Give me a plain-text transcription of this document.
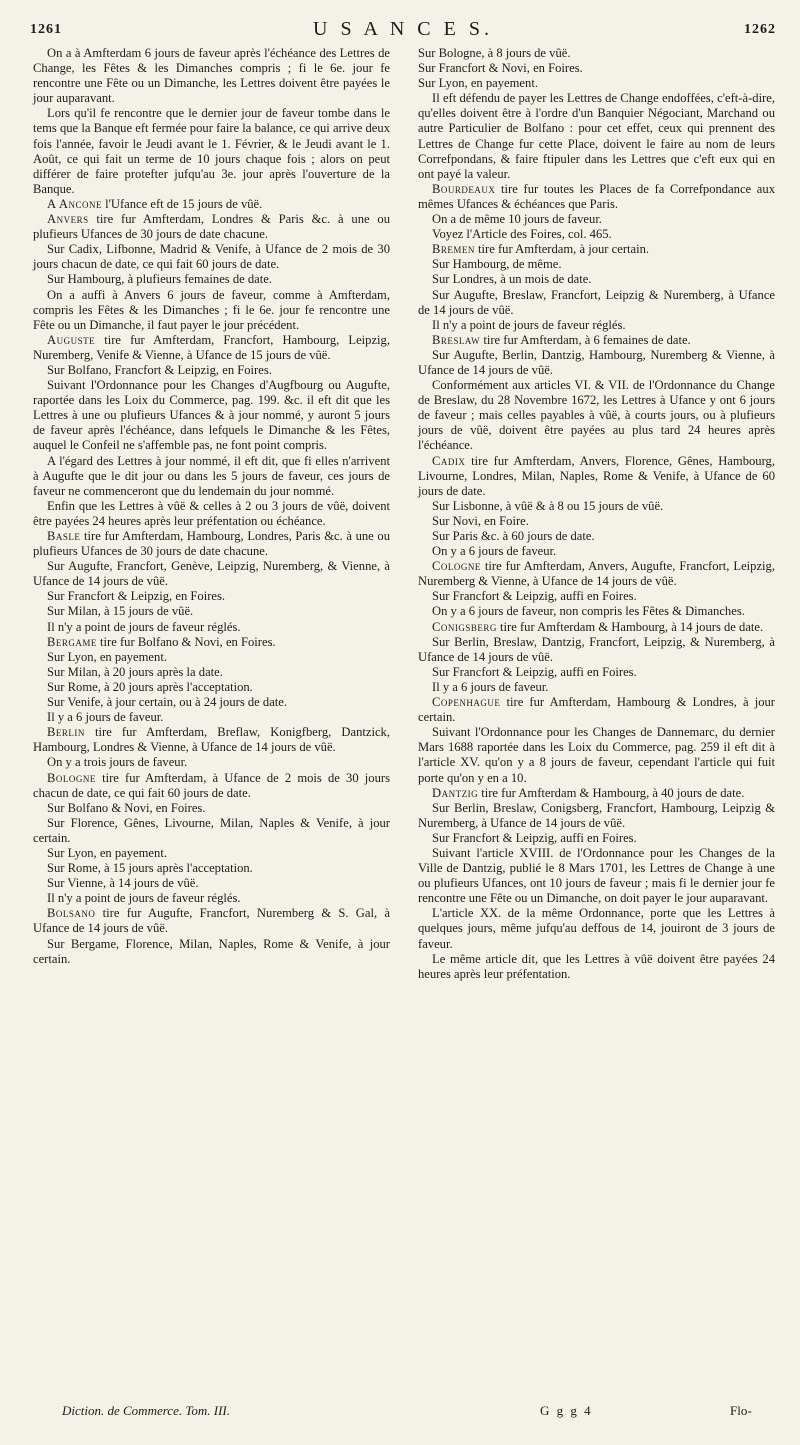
1261	U S A N C E S.	1262

On a à Amfterdam 6 jours de faveur après l'échéance des Lettres de Change, les Fêtes & les Dimanches compris ; fi le 6e. jour fe rencontre une Fête ou un Dimanche, les Lettres doivent être payées le jour auparavant.

Lors qu'il fe rencontre que le dernier jour de faveur tombe dans le tems que la Banque eft fermée pour faire la balance, ce qui arrive deux fois l'année, favoir le Jeudi avant le 1. Février, & le Jeudi avant le 1. Août, ce qui fait un terme de 10 jours chaque fois ; alors on peut différer de faire protefter jufqu'au 3e. jour après l'ouverture de la Banque.

A Ancone l'Ufance eft de 15 jours de vûë.

Anvers tire fur Amfterdam, Londres & Paris &c. à une ou plufieurs Ufances de 30 jours de date chacune.

Sur Cadix, Lifbonne, Madrid & Venife, à Ufance de 2 mois de 30 jours chacun de date, ce qui fait 60 jours de date.

Sur Hambourg, à plufieurs femaines de date.

On a auffi à Anvers 6 jours de faveur, comme à Amfterdam, compris les Fêtes & les Dimanches ; fi le 6e. jour fe rencontre une Fête ou un Dimanche, il faut payer le jour précédent.

Auguste tire fur Amfterdam, Francfort, Hambourg, Leipzig, Nuremberg, Venife & Vienne, à Ufance de 15 jours de vûë.

Sur Bolfano, Francfort & Leipzig, en Foires.

Suivant l'Ordonnance pour les Changes d'Augfbourg ou Augufte, raportée dans les Loix du Commerce, pag. 199. &c. il eft dit que les Lettres à une ou plufieurs Ufances & à jour nommé, y auront 5 jours de faveur après l'échéance, dans lefquels le Dimanche & les Fêtes, auquel le Confeil ne s'affemble pas, ne font point compris.

A l'égard des Lettres à jour nommé, il eft dit, que fi elles n'arrivent à Augufte que le dit jour ou dans les 5 jours de faveur, ces jours de faveur ne commenceront que du lendemain du jour nommé.

Enfin que les Lettres à vûë & celles à 2 ou 3 jours de vûë, doivent être payées 24 heures après leur préfentation ou échéance.

Basle tire fur Amfterdam, Hambourg, Londres, Paris &c. à une ou plufieurs Ufances de 30 jours de date chacune.

Sur Augufte, Francfort, Genève, Leipzig, Nuremberg, & Vienne, à Ufance de 14 jours de vûë.

Sur Francfort & Leipzig, en Foires.

Sur Milan, à 15 jours de vûë.

Il n'y a point de jours de faveur réglés.

Bergame tire fur Bolfano & Novi, en Foires.

Sur Lyon, en payement.

Sur Milan, à 20 jours après la date.

Sur Rome, à 20 jours après l'acceptation.

Sur Venife, à jour certain, ou à 24 jours de date.

Il y a 6 jours de faveur.

Berlin tire fur Amfterdam, Breflaw, Konigfberg, Dantzick, Hambourg, Londres & Vienne, à Ufance de 14 jours de vûë.

On y a trois jours de faveur.

Bologne tire fur Amfterdam, à Ufance de 2 mois de 30 jours chacun de date, ce qui fait 60 jours de date.

Sur Bolfano & Novi, en Foires.

Sur Florence, Gênes, Livourne, Milan, Naples & Venife, à jour certain.

Sur Lyon, en payement.

Sur Rome, à 15 jours après l'acceptation.

Sur Vienne, à 14 jours de vûë.

Il n'y a point de jours de faveur réglés.

Bolsano tire fur Augufte, Francfort, Nuremberg & S. Gal, à Ufance de 14 jours de vûë.

Sur Bergame, Florence, Milan, Naples, Rome & Venife, à jour certain.

Sur Bologne, à 8 jours de vûë.

Sur Francfort & Novi, en Foires.

Sur Lyon, en payement.

Il eft défendu de payer les Lettres de Change endoffées, c'eft-à-dire, qu'elles doivent être à l'ordre d'un Banquier Négociant, Marchand ou autre Particulier de Bolfano : pour cet effet, ceux qui prennent des Lettres de Change fur cette Place, doivent le faire au nom de leurs Correfpondans, & faire ftipuler dans les Lettres que c'eft eux qui en ont payé la valeur.

Bourdeaux tire fur toutes les Places de fa Correfpondance aux mêmes Ufances & échéances que Paris.

On a de même 10 jours de faveur.

Voyez l'Article des Foires, col. 465.

Bremen tire fur Amfterdam, à jour certain.

Sur Hambourg, de même.

Sur Londres, à un mois de date.

Sur Augufte, Breslaw, Francfort, Leipzig & Nuremberg, à Ufance de 14 jours de vûë.

Il n'y a point de jours de faveur réglés.

Breslaw tire fur Amfterdam, à 6 femaines de date.

Sur Augufte, Berlin, Dantzig, Hambourg, Nuremberg & Vienne, à Ufance de 14 jours de vûë.

Conformément aux articles VI. & VII. de l'Ordonnance du Change de Breslaw, du 28 Novembre 1672, les Lettres à Ufance y ont 6 jours de faveur ; mais celles payables à vûë, à courts jours, ou à plufieurs jours de vûë, doivent être payées au plus tard 24 heures après l'échéance.

Cadix tire fur Amfterdam, Anvers, Florence, Gênes, Hambourg, Livourne, Londres, Milan, Naples, Rome & Venife, à Ufance de 60 jours de date.

Sur Lisbonne, à vûë & à 8 ou 15 jours de vûë.

Sur Novi, en Foire.

Sur Paris &c. à 60 jours de date.

On y a 6 jours de faveur.

Cologne tire fur Amfterdam, Anvers, Augufte, Francfort, Leipzig, Nuremberg & Vienne, à Ufance de 14 jours de vûë.

Sur Francfort & Leipzig, auffi en Foires.

On y a 6 jours de faveur, non compris les Fêtes & Dimanches.

Conigsberg tire fur Amfterdam & Hambourg, à 14 jours de date.

Sur Berlin, Breslaw, Dantzig, Francfort, Leipzig, & Nuremberg, à Ufance de 14 jours de vûë.

Sur Francfort & Leipzig, auffi en Foires.

Il y a 6 jours de faveur.

Copenhague tire fur Amfterdam, Hambourg & Londres, à jour certain.

Suivant l'Ordonnance pour les Changes de Dannemarc, du dernier Mars 1688 raportée dans les Loix du Commerce, pag. 259 il eft dit à l'article XV. qu'on y a 8 jours de faveur, cependant l'article qui fuit porte qu'on y en a 10.

Dantzig tire fur Amfterdam & Hambourg, à 40 jours de date.

Sur Berlin, Breslaw, Conigsberg, Francfort, Hambourg, Leipzig & Nuremberg, à Ufance de 14 jours de vûë.

Sur Francfort & Leipzig, auffi en Foires.

Suivant l'article XVIII. de l'Ordonnance pour les Changes de la Ville de Dantzig, publié le 8 Mars 1701, les Lettres de Change à une ou plufieurs Ufances, ont 10 jours de faveur ; mais fi le dernier jour fe rencontre une Fête ou un Dimanche, on doit payer le jour auparavant.

L'article XX. de la même Ordonnance, porte que les Lettres à quelques jours, même jufqu'au deffous de 14, jouiront de 3 jours de faveur.

Le même article dit, que les Lettres à vûë doivent être payées 24 heures après leur préfentation.

Diction. de Commerce. Tom. III.	G g g 4	Flo-
